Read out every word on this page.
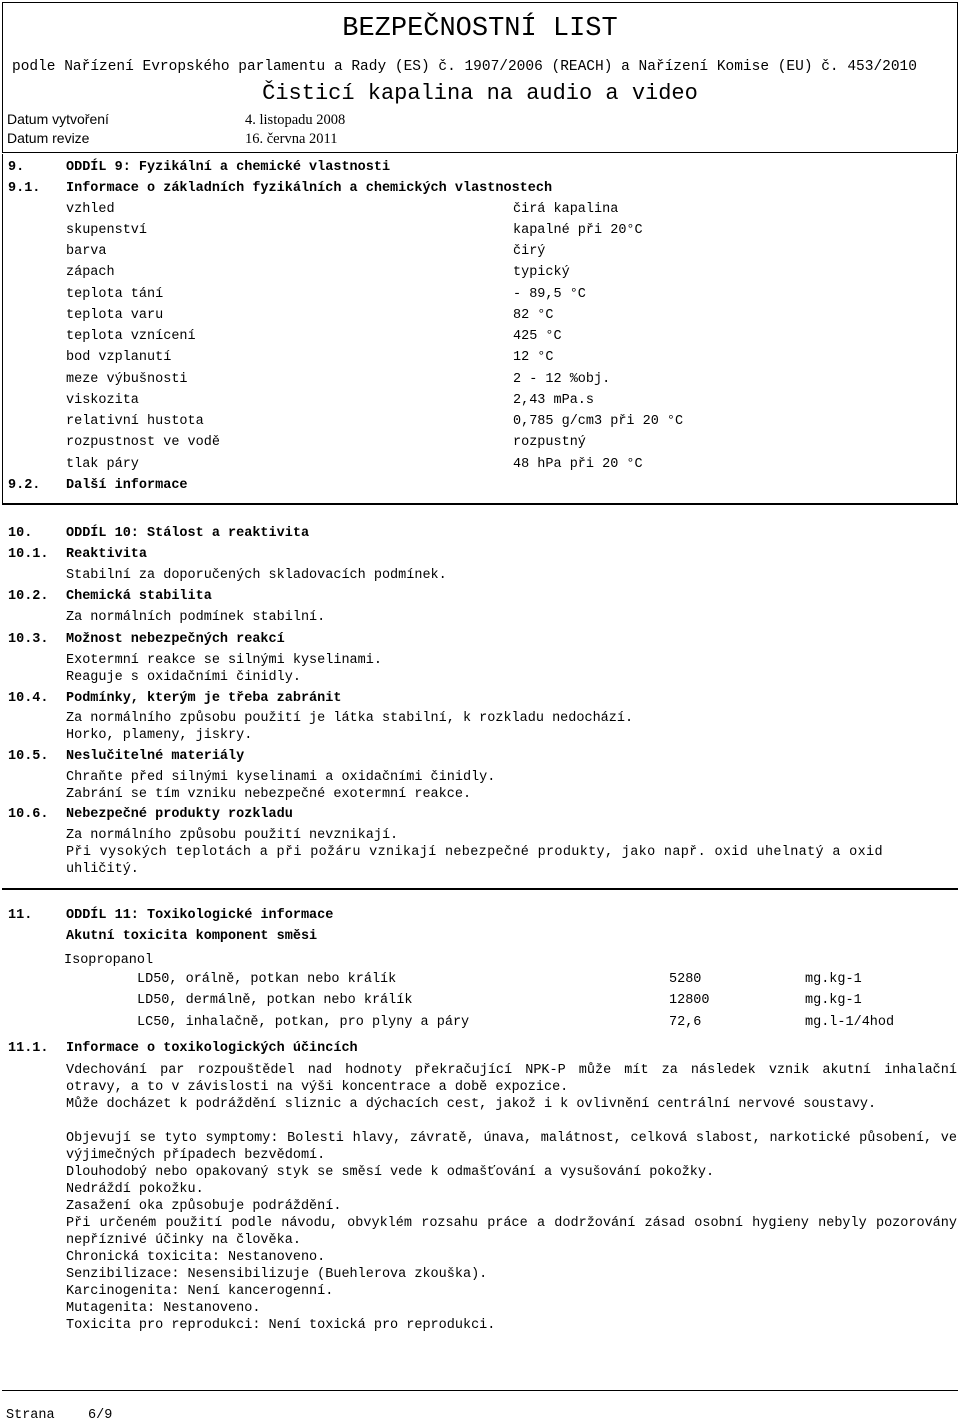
BEZPEČNOSTNÍ LIST
podle Nařízení Evropského parlamentu a Rady (ES) č. 1907/2006 (REACH) a Nařízení Komise (EU) č. 453/2010
Čisticí kapalina na audio a video
Datum vytvoření	4. listopadu 2008
Datum revize	16. června 2011
9.	ODDÍL 9: Fyzikální a chemické vlastnosti
9.1. Informace o základních fyzikálních a chemických vlastnostech
vzhled	čirá kapalina
skupenství	kapalné při 20°C
barva	čirý
zápach	typický
teplota tání	- 89,5 °C
teplota varu	82 °C
teplota vznícení	425 °C
bod vzplanutí	12 °C
meze výbušnosti	2 - 12 %obj.
viskozita	2,43 mPa.s
relativní hustota	0,785 g/cm3 při 20 °C
rozpustnost ve vodě	rozpustný
tlak páry	48 hPa při 20 °C
9.2. Další informace
10. ODDÍL 10: Stálost a reaktivita
10.1. Reaktivita
Stabilní za doporučených skladovacích podmínek.
10.2. Chemická stabilita
Za normálních podmínek stabilní.
10.3. Možnost nebezpečných reakcí
Exotermní reakce se silnými kyselinami.
Reaguje s oxidačními činidly.
10.4. Podmínky, kterým je třeba zabránit
Za normálního způsobu použití je látka stabilní, k rozkladu nedochází.
Horko, plameny, jiskry.
10.5. Neslučitelné materiály
Chraňte před silnými kyselinami a oxidačními činidly.
Zabrání se tím vzniku nebezpečné exotermní reakce.
10.6. Nebezpečné produkty rozkladu
Za normálního způsobu použití nevznikají.
Při vysokých teplotách a při požáru vznikají nebezpečné produkty, jako např. oxid uhelnatý a oxid
uhličitý.
11. ODDÍL 11: Toxikologické informace
Akutní toxicita komponent směsi
Isopropanol
LD50, orálně, potkan nebo králík	5280	mg.kg-1
LD50, dermálně, potkan nebo králík	12800	mg.kg-1
LC50, inhalačně, potkan, pro plyny a páry	72,6	mg.l-1/4hod
11.1. Informace o toxikologických účincích
Vdechování par rozpouštědel nad hodnoty překračující NPK-P může mít za následek vznik akutní inhalační otravy, a to v závislosti na výši koncentrace a době expozice.
Může docházet k podráždění sliznic a dýchacích cest, jakož i k ovlivnění centrální nervové soustavy.
Objevují se tyto symptomy: Bolesti hlavy, závratě, únava, malátnost, celková slabost, narkotické působení, ve výjimečných případech bezvědomí.
Dlouhodobý nebo opakovaný styk se směsí vede k odmašťování a vysušování pokožky.
Nedráždí pokožku.
Zasažení oka způsobuje podráždění.
Při určeném použití podle návodu, obvyklém rozsahu práce a dodržování zásad osobní hygieny nebyly pozorovány nepříznivé účinky na člověka.
Chronická toxicita: Nestanoveno.
Senzibilizace: Nesensibilizuje (Buehlerova zkouška).
Karcinogenita: Není kancerogenní.
Mutagenita: Nestanoveno.
Toxicita pro reprodukci: Není toxická pro reprodukci.
Strana 6/9
